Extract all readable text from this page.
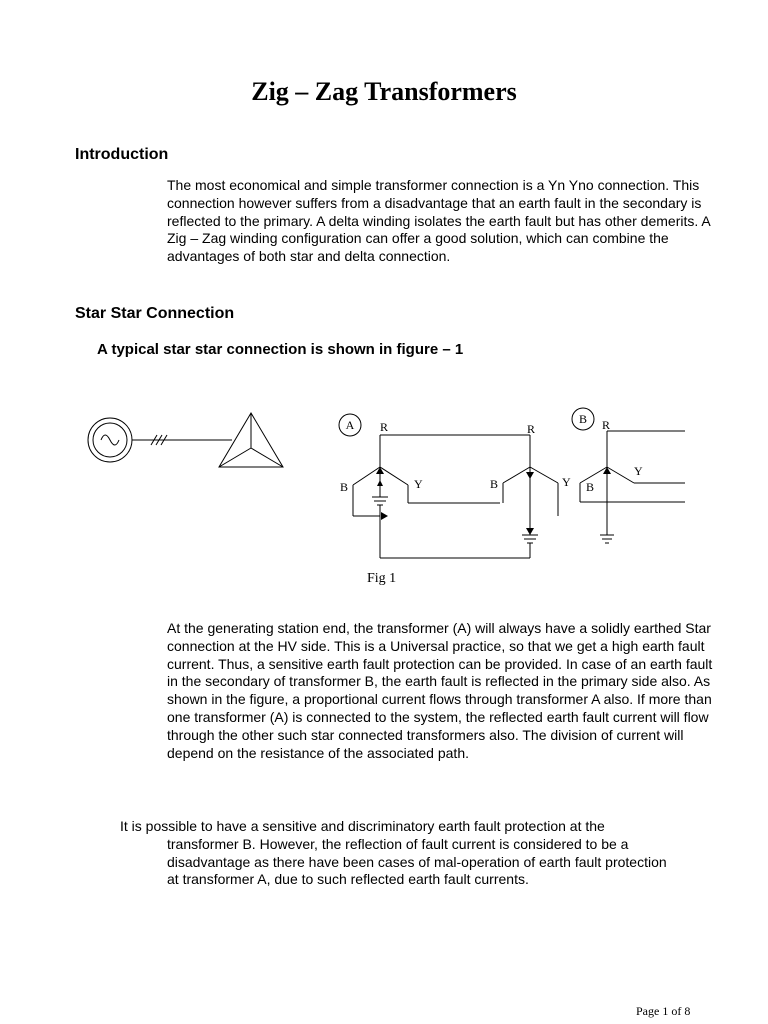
Zig – Zag Transformers
Introduction
The most economical and simple transformer connection is a Yn Yno connection. This connection however suffers from a disadvantage that an earth fault in the secondary is reflected to the primary. A delta winding isolates the earth fault but has other demerits. A Zig – Zag winding configuration can offer a good solution, which can combine the advantages of both star and delta connection.
Star Star Connection
A typical star star connection is shown in figure – 1
A	B
R	R	R
Y	Y
Y
B	B	B
Fig 1
At the generating station end, the transformer (A) will always have a solidly earthed Star connection at the HV side. This is a Universal practice, so that we get a high earth fault current. Thus, a sensitive earth fault protection can be provided. In case of an earth fault in the secondary of transformer B, the earth fault is reflected in the primary side also. As shown in the figure, a proportional current flows through transformer A also. If more than one transformer (A) is connected to the system, the reflected earth fault current will flow through the other such star connected transformers also. The division of current will depend on the resistance of the associated path.
It is possible to have a sensitive and discriminatory earth fault protection at the
transformer B. However, the reflection of fault current is considered to be a disadvantage as there have been cases of mal-operation of earth fault protection at transformer A, due to such reflected earth fault currents.
Page 1 of 8
